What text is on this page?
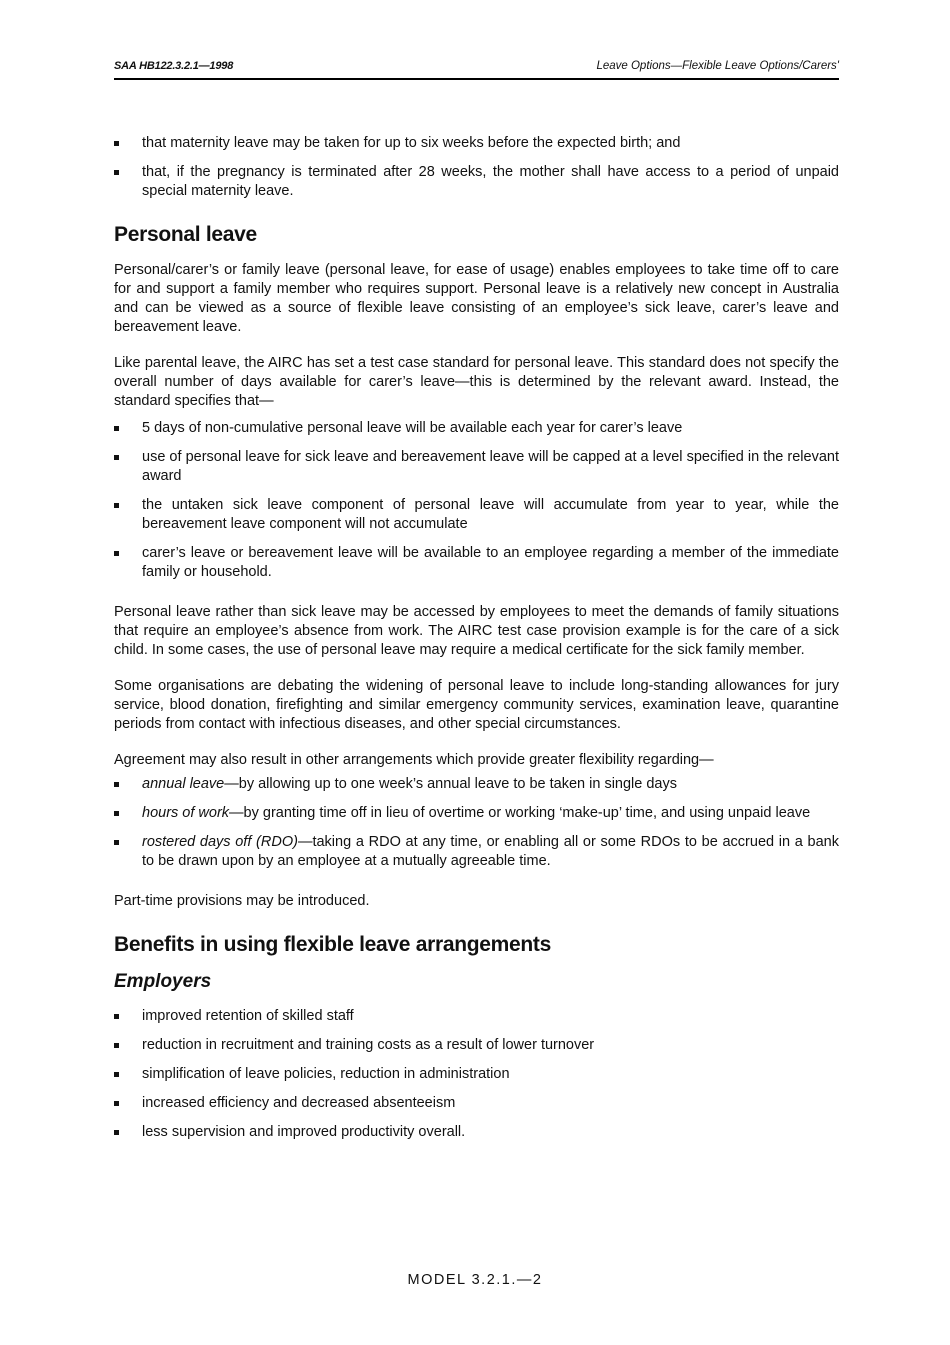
SAA HB122.3.2.1—1998	Leave Options—Flexible Leave Options/Carers'
that maternity leave may be taken for up to six weeks before the expected birth; and
that, if the pregnancy is terminated after 28 weeks, the mother shall have access to a period of unpaid special maternity leave.
Personal leave

Personal/carer’s or family leave (personal leave, for ease of usage) enables employees to take time off to care for and support a family member who requires support. Personal leave is a relatively new concept in Australia and can be viewed as a source of flexible leave consisting of an employee’s sick leave, carer’s leave and bereavement leave.

Like parental leave, the AIRC has set a test case standard for personal leave. This standard does not specify the overall number of days available for carer’s leave—this is determined by the relevant award. Instead, the standard specifies that—

5 days of non-cumulative personal leave will be available each year for carer’s leave
use of personal leave for sick leave and bereavement leave will be capped at a level specified in the relevant award
the untaken sick leave component of personal leave will accumulate from year to year, while the bereavement leave component will not accumulate
carer’s leave or bereavement leave will be available to an employee regarding a member of the immediate family or household.

Personal leave rather than sick leave may be accessed by employees to meet the demands of family situations that require an employee’s absence from work. The AIRC test case provision example is for the care of a sick child. In some cases, the use of personal leave may require a medical certificate for the sick family member.

Some organisations are debating the widening of personal leave to include long-standing allowances for jury service, blood donation, firefighting and similar emergency community services, examination leave, quarantine periods from contact with infectious diseases, and other special circumstances.

Agreement may also result in other arrangements which provide greater flexibility regarding—

annual leave—by allowing up to one week’s annual leave to be taken in single days
hours of work—by granting time off in lieu of overtime or working ‘make-up’ time, and using unpaid leave
rostered days off (RDO)—taking a RDO at any time, or enabling all or some RDOs to be accrued in a bank to be drawn upon by an employee at a mutually agreeable time.

Part-time provisions may be introduced.

Benefits in using flexible leave arrangements
Employers
improved retention of skilled staff
reduction in recruitment and training costs as a result of lower turnover
simplification of leave policies, reduction in administration
increased efficiency and decreased absenteeism
less supervision and improved productivity overall.
MODEL 3.2.1.—2
